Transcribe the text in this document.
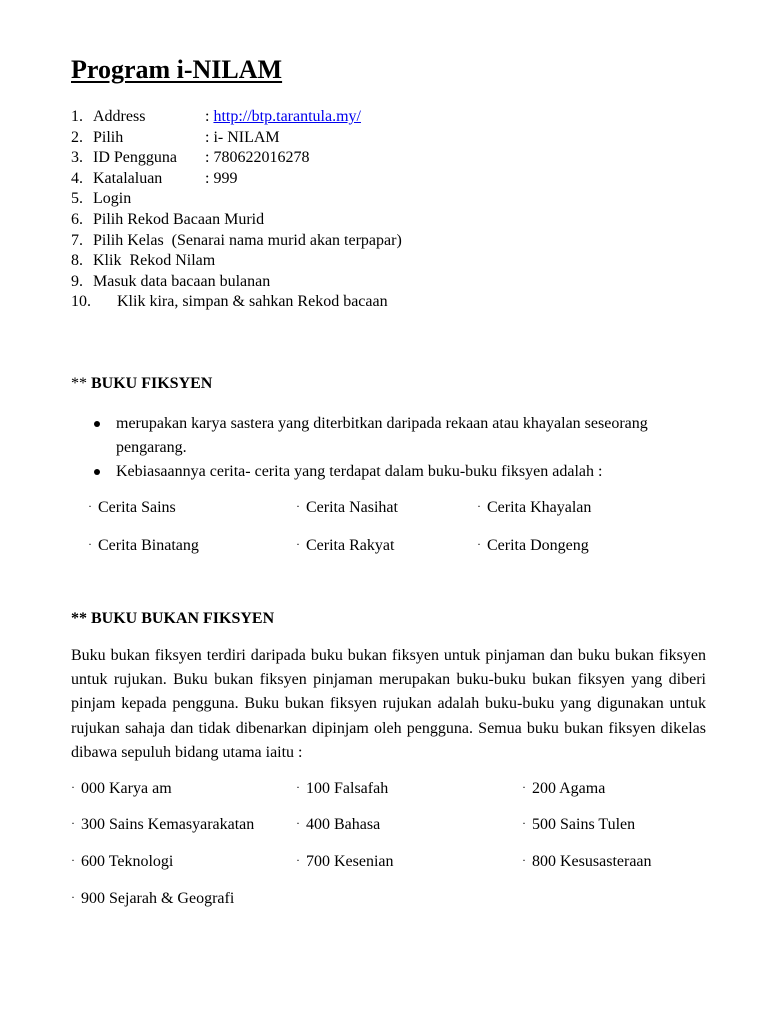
Program i-NILAM
1. Address	: http://btp.tarantula.my/
2. Pilih	: i- NILAM
3. ID Pengguna : 780622016278
4. Katalaluan	: 999
5. Login
6. Pilih Rekod Bacaan Murid
7. Pilih Kelas  (Senarai nama murid akan terpapar)
8. Klik  Rekod Nilam
9. Masuk data bacaan bulanan
10. Klik kira, simpan & sahkan Rekod bacaan
** BUKU FIKSYEN
merupakan karya sastera yang diterbitkan daripada rekaan atau khayalan seseorang pengarang.
Kebiasaannya cerita- cerita yang terdapat dalam buku-buku fiksyen adalah :
· Cerita Sains	· Cerita Nasihat	· Cerita Khayalan
· Cerita Binatang	· Cerita Rakyat	· Cerita Dongeng
** BUKU BUKAN FIKSYEN

Buku bukan fiksyen terdiri daripada buku bukan fiksyen untuk pinjaman dan buku bukan fiksyen untuk rujukan. Buku bukan fiksyen pinjaman merupakan buku-buku bukan fiksyen yang diberi pinjam kepada pengguna. Buku bukan fiksyen rujukan adalah buku-buku yang digunakan untuk rujukan sahaja dan tidak dibenarkan dipinjam oleh pengguna. Semua buku bukan fiksyen dikelas dibawa sepuluh bidang utama iaitu :

· 000 Karya am	· 100 Falsafah	· 200 Agama
· 300 Sains Kemasyarakatan	· 400 Bahasa	· 500 Sains Tulen
· 600 Teknologi	· 700 Kesenian	· 800 Kesusasteraan
· 900 Sejarah & Geografi
